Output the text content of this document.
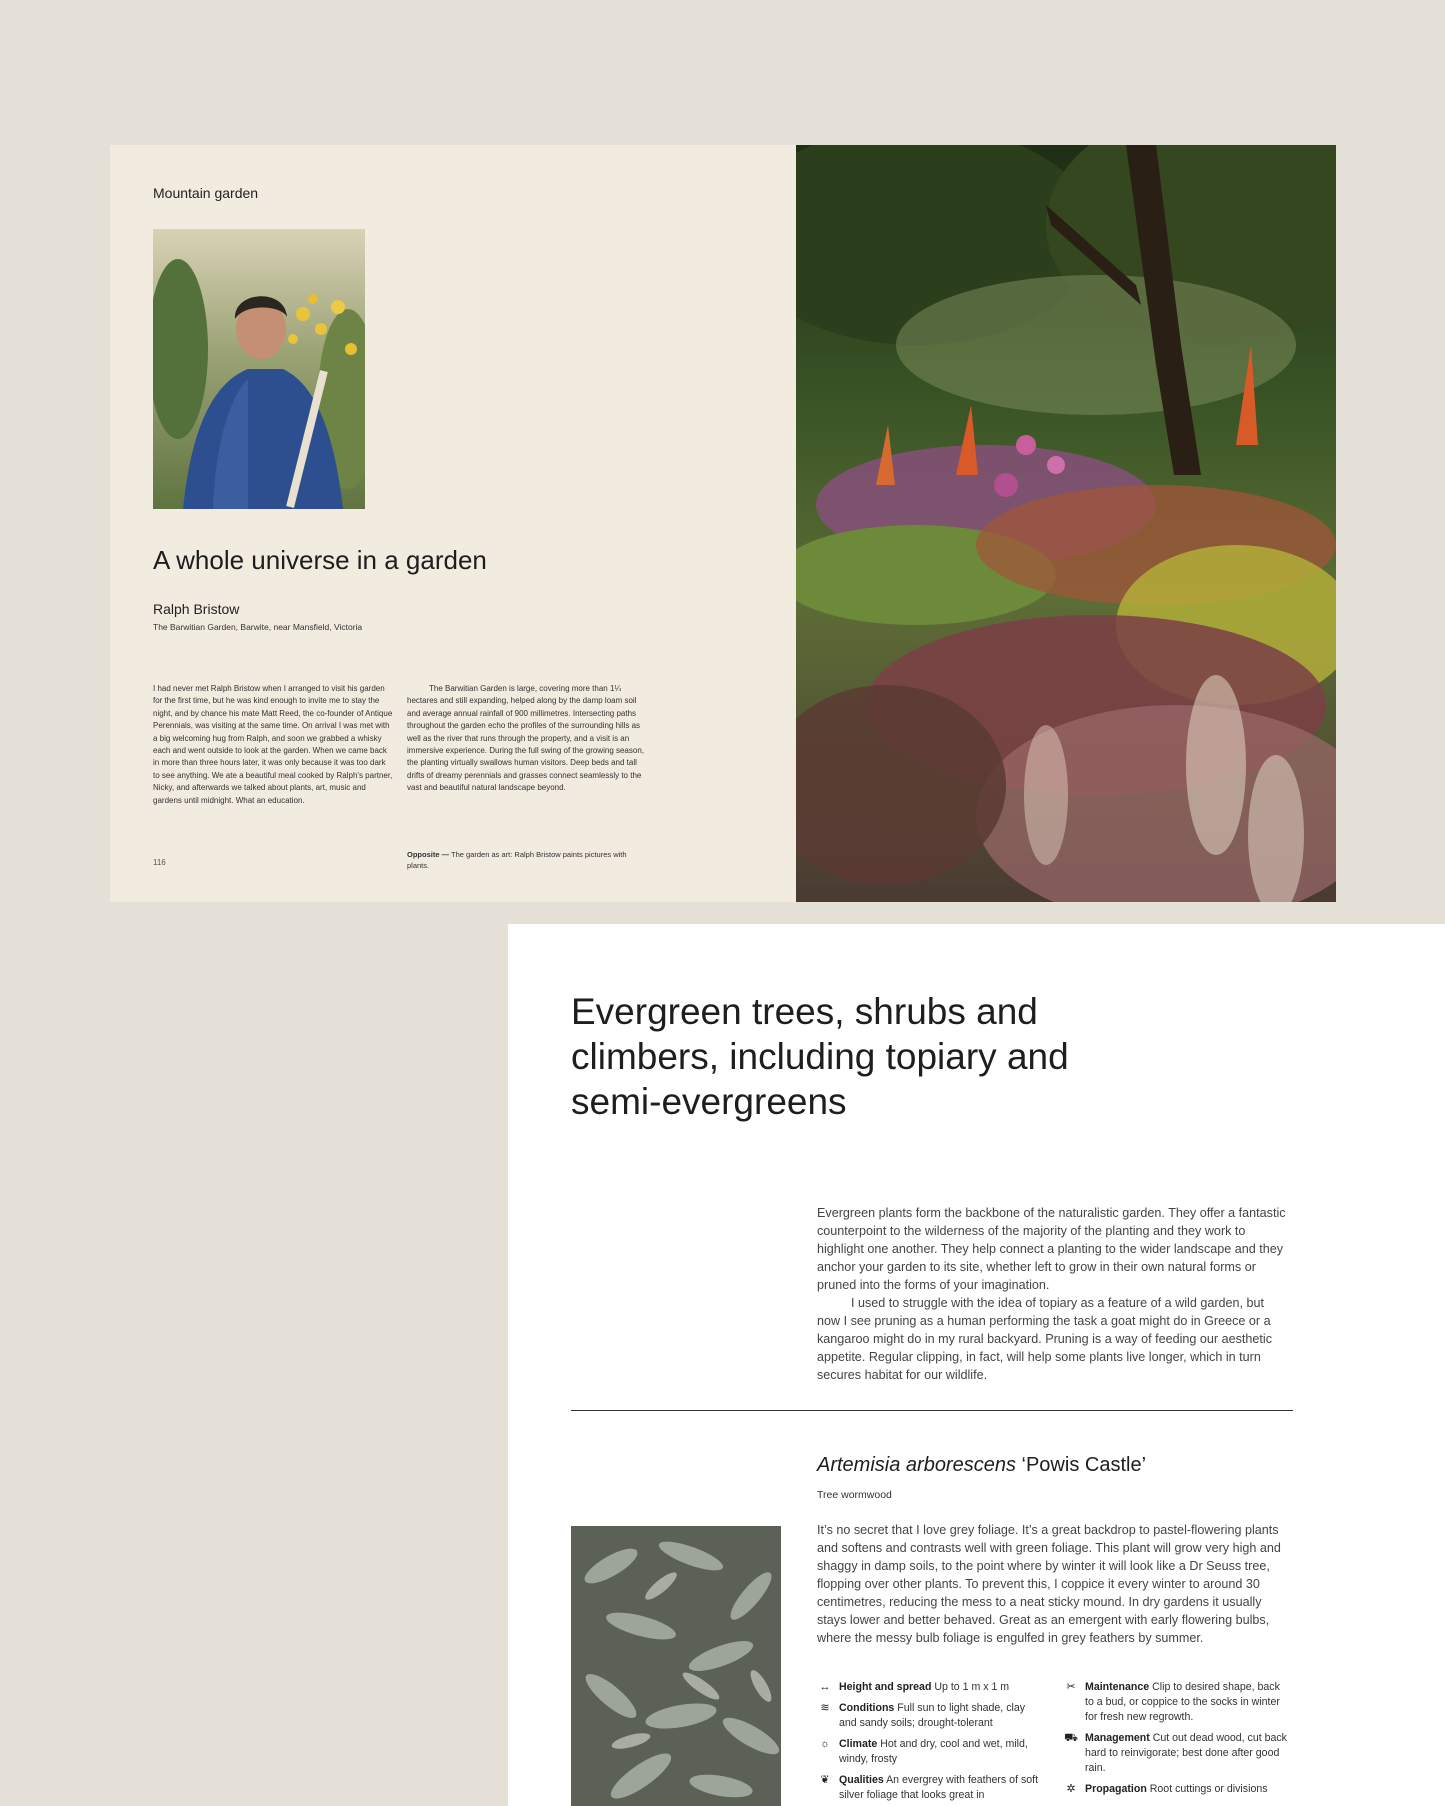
Mountain garden
A whole universe in a garden
Ralph Bristow
The Barwitian Garden, Barwite, near Mansfield, Victoria

I had never met Ralph Bristow when I arranged to visit his garden for the first time, but he was kind enough to invite me to stay the night, and by chance his mate Matt Reed, the co-founder of Antique Perennials, was visiting at the same time. On arrival I was met with a big welcoming hug from Ralph, and soon we grabbed a whisky each and went outside to look at the garden. When we came back in more than three hours later, it was only because it was too dark to see anything. We ate a beautiful meal cooked by Ralph's partner, Nicky, and afterwards we talked about plants, art, music and gardens until midnight. What an education.

The Barwitian Garden is large, covering more than 1¼ hectares and still expanding, helped along by the damp loam soil and average annual rainfall of 900 millimetres. Intersecting paths throughout the garden echo the profiles of the surrounding hills as well as the river that runs through the property, and a visit is an immersive experience. During the full swing of the growing season, the planting virtually swallows human visitors. Deep beds and tall drifts of dreamy perennials and grasses connect seamlessly to the vast and beautiful natural landscape beyond.

116
Opposite — The garden as art: Ralph Bristow paints pictures with plants.
Evergreen trees, shrubs and climbers, including topiary and semi-evergreens

Evergreen plants form the backbone of the naturalistic garden. They offer a fantastic counterpoint to the wilderness of the majority of the planting and they work to highlight one another. They help connect a planting to the wider landscape and they anchor your garden to its site, whether left to grow in their own natural forms or pruned into the forms of your imagination.
I used to struggle with the idea of topiary as a feature of a wild garden, but now I see pruning as a human performing the task a goat might do in Greece or a kangaroo might do in my rural backyard. Pruning is a way of feeding our aesthetic appetite. Regular clipping, in fact, will help some plants live longer, which in turn secures habitat for our wildlife.

Artemisia arborescens ‘Powis Castle’
Tree wormwood

It’s no secret that I love grey foliage. It’s a great backdrop to pastel-flowering plants and softens and contrasts well with green foliage. This plant will grow very high and shaggy in damp soils, to the point where by winter it will look like a Dr Seuss tree, flopping over other plants. To prevent this, I coppice it every winter to around 30 centimetres, reducing the mess to a neat sticky mound. In dry gardens it usually stays lower and better behaved. Great as an emergent with early flowering bulbs, where the messy bulb foliage is engulfed in grey feathers by summer.

↔ Height and spread Up to 1 m x 1 m
≋ Conditions Full sun to light shade, clay and sandy soils; drought-tolerant
☼ Climate Hot and dry, cool and wet, mild, windy, frosty
❦ Qualities An evergrey with feathers of soft silver foliage that looks great in
✂ Maintenance Clip to desired shape, back to a bud, or coppice to the socks in winter for fresh new regrowth.
⛟ Management Cut out dead wood, cut back hard to reinvigorate; best done after good rain.
✲ Propagation Root cuttings or divisions
